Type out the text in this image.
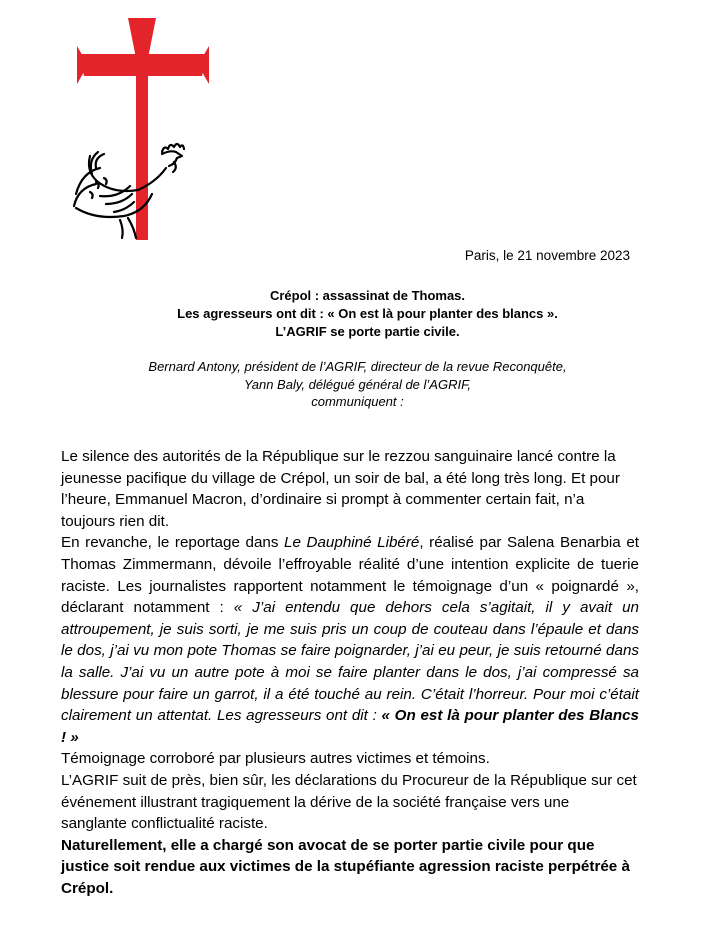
Paris, le 21 novembre 2023
Crépol : assassinat de Thomas.
Les agresseurs ont dit : « On est là pour planter des blancs ».
L’AGRIF se porte partie civile.
Bernard Antony, président de l’AGRIF, directeur de la revue Reconquête,
Yann Baly, délégué général de l’AGRIF,
communiquent :

Le silence des autorités de la République sur le rezzou sanguinaire lancé contre la jeunesse pacifique du village de Crépol, un soir de bal, a été long très long. Et pour l’heure, Emmanuel Macron, d’ordinaire si prompt à commenter certain fait, n’a toujours rien dit.

En revanche, le reportage dans Le Dauphiné Libéré, réalisé par Salena Benarbia et Thomas Zimmermann, dévoile l’effroyable réalité d’une intention explicite de tuerie raciste. Les journalistes rapportent notamment le témoignage d’un « poignardé », déclarant notamment : « J’ai entendu que dehors cela s’agitait, il y avait un attroupement, je suis sorti, je me suis pris un coup de couteau dans l’épaule et dans le dos, j’ai vu mon pote Thomas se faire poignarder, j’ai eu peur, je suis retourné dans la salle. J’ai vu un autre pote à moi se faire planter dans le dos, j’ai compressé sa blessure pour faire un garrot, il a été touché au rein. C’était l’horreur. Pour moi c’était clairement un attentat. Les agresseurs ont dit : « On est là pour planter des Blancs ! »

Témoignage corroboré par plusieurs autres victimes et témoins.

L’AGRIF suit de près, bien sûr, les déclarations du Procureur de la République sur cet événement illustrant tragiquement la dérive de la société française vers une sanglante conflictualité raciste.

Naturellement, elle a chargé son avocat de se porter partie civile pour que justice soit rendue aux victimes de la stupéfiante agression raciste perpétrée à Crépol.
